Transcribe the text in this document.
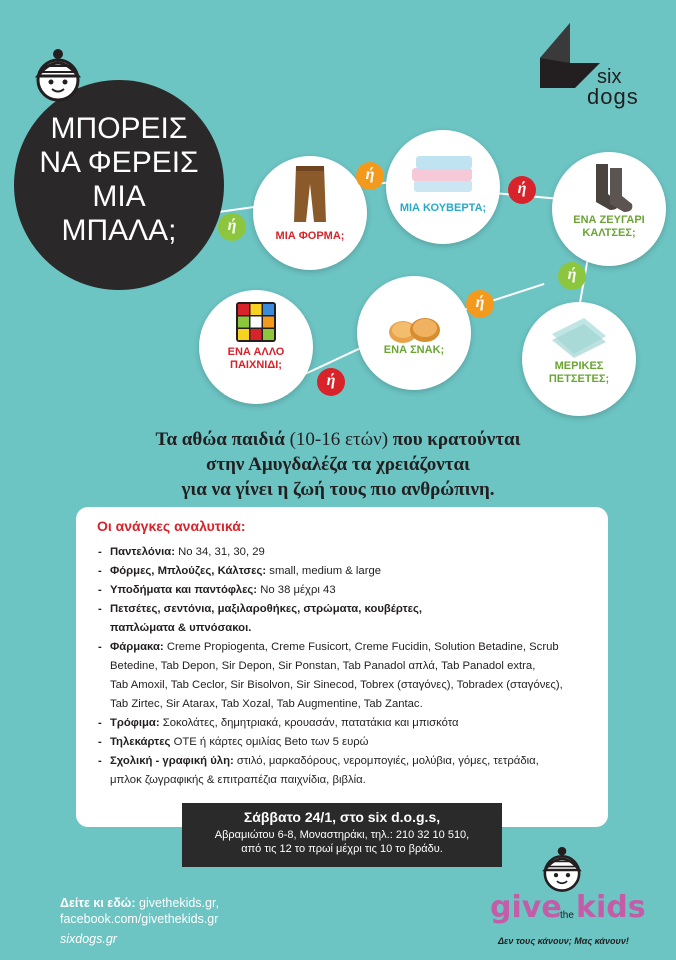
ΜΠΟΡΕΙΣ
ΝΑ ΦΕΡΕΙΣ
ΜΙΑ
ΜΠΑΛΑ;
six
dogs
ΜΙΑ ΦΟΡΜΑ;
ΜΙΑ ΚΟΥΒΕΡΤΑ;
ΕΝΑ ΖΕΥΓΑΡΙ
ΚΑΛΤΣΕΣ;
ΜΕΡΙΚΕΣ
ΠΕΤΣΕΤΕΣ;
ΕΝΑ ΣΝΑΚ;
ΕΝΑ ΑΛΛΟ
ΠΑΙΧΝΙΔΙ;
ή
ή
ή
ή
ή
ή
Τα αθώα παιδιά (10-16 ετών) που κρατούνται
στην Αμυγδαλέζα τα χρειάζονται
για να γίνει η ζωή τους πιο ανθρώπινη.
Οι ανάγκες αναλυτικά:
- Παντελόνια: Νο 34, 31, 30, 29
- Φόρμες, Μπλούζες, Κάλτσες: small, medium & large
- Υποδήματα και παντόφλες: Νο 38 μέχρι 43
- Πετσέτες, σεντόνια, μαξιλαροθήκες, στρώματα, κουβέρτες,
παπλώματα & υπνόσακοι.
- Φάρμακα: Creme Propiogenta, Creme Fusicort, Creme Fucidin, Solution Betadine, Scrub
Betedine, Tab Depon, Sir Depon, Sir Ponstan, Tab Panadol απλά, Tab Panadol extra,
Tab Amoxil, Tab Ceclor, Sir Bisolvon, Sir Sinecod, Tobrex (σταγόνες), Tobradex (σταγόνες),
Tab Zirtec, Sir Atarax, Tab Xozal, Tab Augmentine, Tab Zantac.
- Τρόφιμα: Σοκολάτες, δημητριακά, κρουασάν, πατατάκια και μπισκότα
- Τηλεκάρτες ΟΤΕ ή κάρτες ομιλίας Beto των 5 ευρώ
- Σχολική - γραφική ύλη: στιλό, μαρκαδόρους, νερομπογιές, μολύβια, γόμες, τετράδια,
μπλοκ ζωγραφικής & επιτραπέζια παιχνίδια, βιβλία.
Σάββατο 24/1, στο six d.o.g.s,
Αβραμιώτου 6-8, Μοναστηράκι, τηλ.: 210 32 10 510,
από τις 12 το πρωί μέχρι τις 10 το βράδυ.
Δείτε κι εδώ: givethekids.gr,
facebook.com/givethekids.gr
sixdogs.gr
give
the kids
Δεν τους κάνουν; Μας κάνουν!
